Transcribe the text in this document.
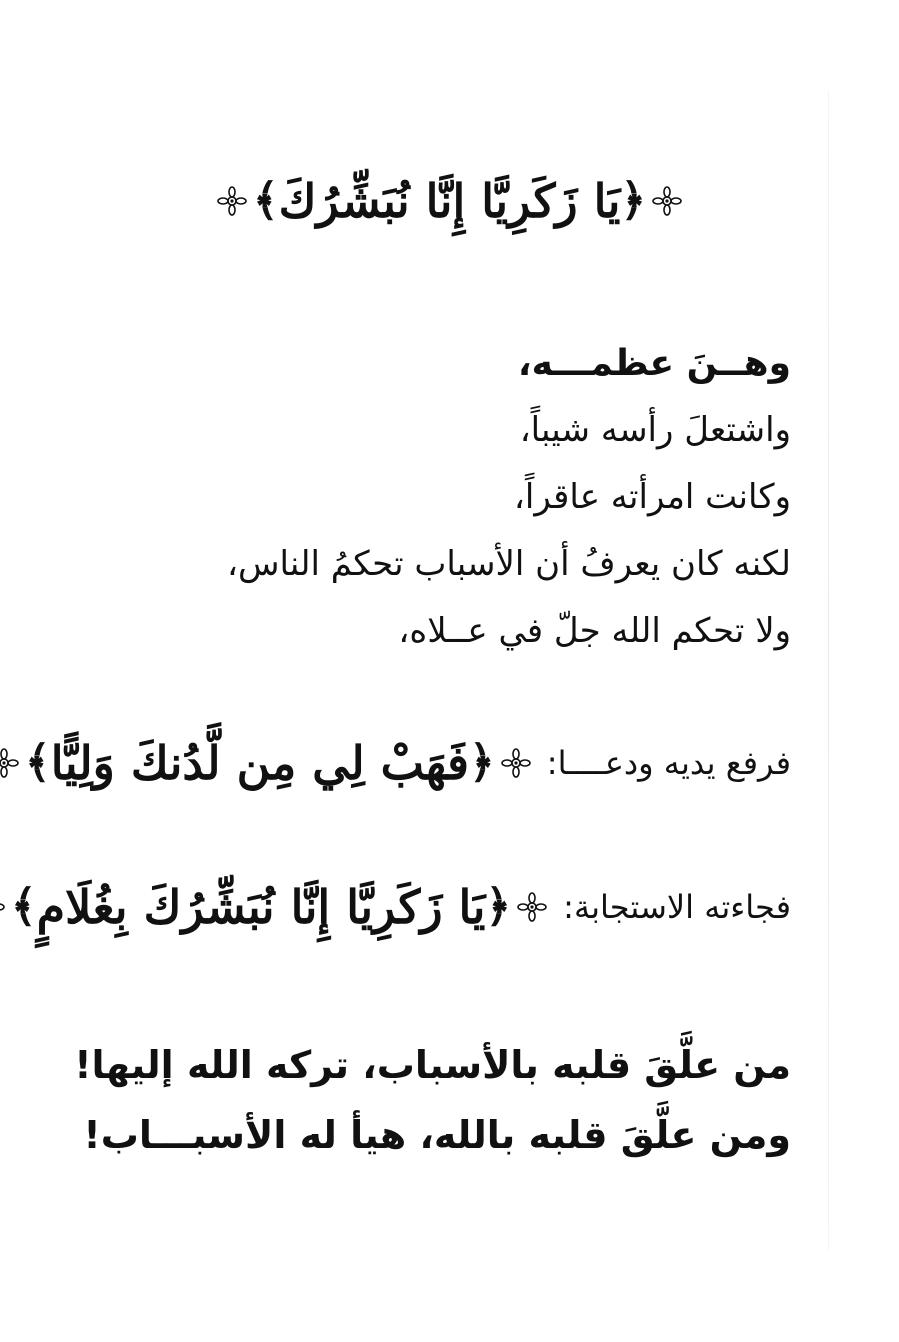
﴿
يَا زَكَرِيَّا إِنَّا نُبَشِّرُكَ
﴾
وهــنَ عظمـــه،
واشتعلَ رأسه شيباً،
وكانت امرأته عاقراً،
لكنه كان يعرفُ أن الأسباب تحكمُ الناس،
ولا تحكم الله جلّ في عــلاه،
فرفع يديه ودعــــا:
﴿
فَهَبْ لِي مِن لَّدُنكَ وَلِيًّا
﴾
فجاءته الاستجابة:
﴿
يَا زَكَرِيَّا إِنَّا نُبَشِّرُكَ بِغُلَامٍ
﴾
من علَّقَ قلبه بالأسباب، تركه الله إليها!
ومن علَّقَ قلبه بالله، هيأ له الأسبـــاب!
